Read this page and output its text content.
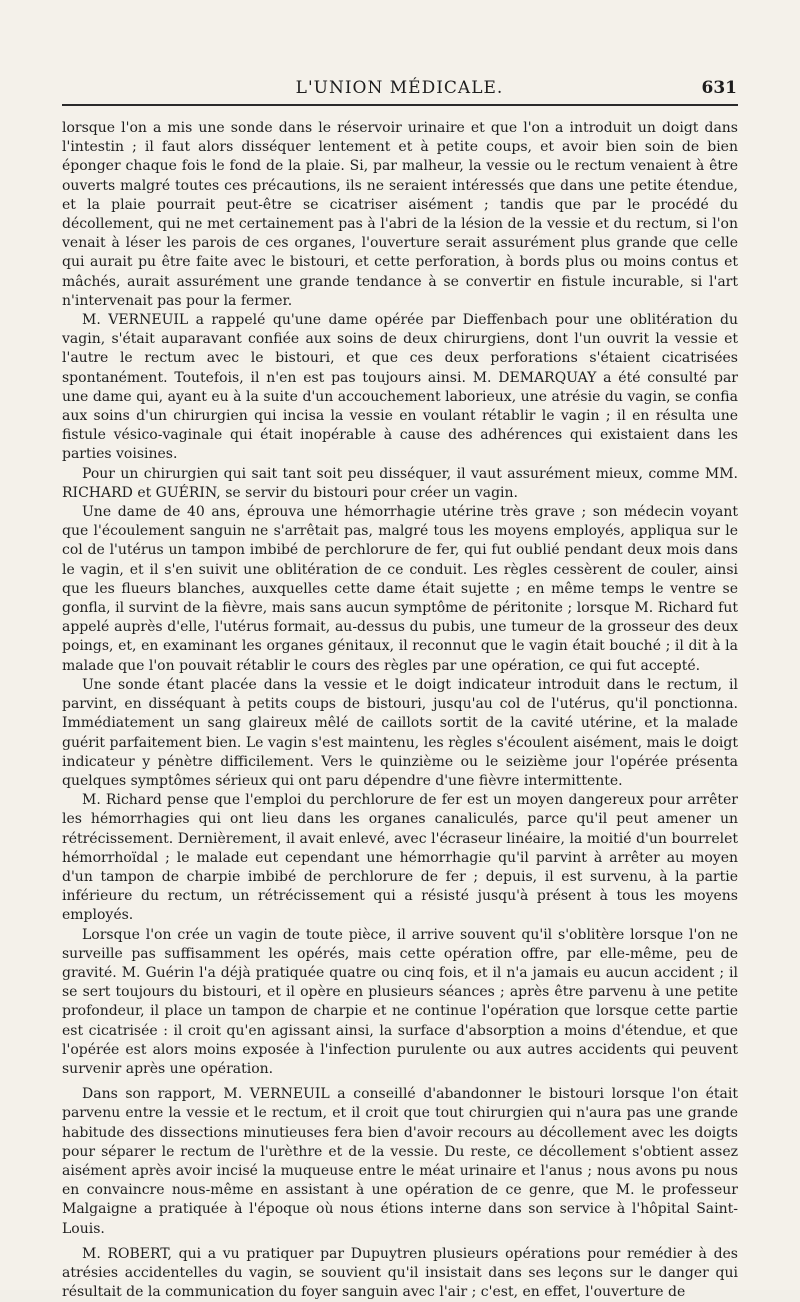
L'UNION MÉDICALE.	631

lorsque l'on a mis une sonde dans le réservoir urinaire et que l'on a introduit un doigt dans l'intestin ; il faut alors disséquer lentement et à petite coups, et avoir bien soin de bien éponger chaque fois le fond de la plaie. Si, par malheur, la vessie ou le rectum venaient à être ouverts malgré toutes ces précautions, ils ne seraient intéressés que dans une petite étendue, et la plaie pourrait peut-être se cicatriser aisément ; tandis que par le procédé du décollement, qui ne met certainement pas à l'abri de la lésion de la vessie et du rectum, si l'on venait à léser les parois de ces organes, l'ouverture serait assurément plus grande que celle qui aurait pu être faite avec le bistouri, et cette perforation, à bords plus ou moins contus et mâchés, aurait assurément une grande tendance à se convertir en fistule incurable, si l'art n'intervenait pas pour la fermer.

M. VERNEUIL a rappelé qu'une dame opérée par Dieffenbach pour une oblitération du vagin, s'était auparavant confiée aux soins de deux chirurgiens, dont l'un ouvrit la vessie et l'autre le rectum avec le bistouri, et que ces deux perforations s'étaient cicatrisées spontanément. Toutefois, il n'en est pas toujours ainsi. M. DEMARQUAY a été consulté par une dame qui, ayant eu à la suite d'un accouchement laborieux, une atrésie du vagin, se confia aux soins d'un chirurgien qui incisa la vessie en voulant rétablir le vagin ; il en résulta une fistule vésico-vaginale qui était inopérable à cause des adhérences qui existaient dans les parties voisines.

Pour un chirurgien qui sait tant soit peu disséquer, il vaut assurément mieux, comme MM. RICHARD et GUÉRIN, se servir du bistouri pour créer un vagin.

Une dame de 40 ans, éprouva une hémorrhagie utérine très grave ; son médecin voyant que l'écoulement sanguin ne s'arrêtait pas, malgré tous les moyens employés, appliqua sur le col de l'utérus un tampon imbibé de perchlorure de fer, qui fut oublié pendant deux mois dans le vagin, et il s'en suivit une oblitération de ce conduit. Les règles cessèrent de couler, ainsi que les flueurs blanches, auxquelles cette dame était sujette ; en même temps le ventre se gonfla, il survint de la fièvre, mais sans aucun symptôme de péritonite ; lorsque M. Richard fut appelé auprès d'elle, l'utérus formait, au-dessus du pubis, une tumeur de la grosseur des deux poings, et, en examinant les organes génitaux, il reconnut que le vagin était bouché ; il dit à la malade que l'on pouvait rétablir le cours des règles par une opération, ce qui fut accepté.

Une sonde étant placée dans la vessie et le doigt indicateur introduit dans le rectum, il parvint, en disséquant à petits coups de bistouri, jusqu'au col de l'utérus, qu'il ponctionna. Immédiatement un sang glaireux mêlé de caillots sortit de la cavité utérine, et la malade guérit parfaitement bien. Le vagin s'est maintenu, les règles s'écoulent aisément, mais le doigt indicateur y pénètre difficilement. Vers le quinzième ou le seizième jour l'opérée présenta quelques symptômes sérieux qui ont paru dépendre d'une fièvre intermittente.

M. Richard pense que l'emploi du perchlorure de fer est un moyen dangereux pour arrêter les hémorrhagies qui ont lieu dans les organes canaliculés, parce qu'il peut amener un rétrécissement. Dernièrement, il avait enlevé, avec l'écraseur linéaire, la moitié d'un bourrelet hémorrhoïdal ; le malade eut cependant une hémorrhagie qu'il parvint à arrêter au moyen d'un tampon de charpie imbibé de perchlorure de fer ; depuis, il est survenu, à la partie inférieure du rectum, un rétrécissement qui a résisté jusqu'à présent à tous les moyens employés.

Lorsque l'on crée un vagin de toute pièce, il arrive souvent qu'il s'oblitère lorsque l'on ne surveille pas suffisamment les opérés, mais cette opération offre, par elle-même, peu de gravité. M. Guérin l'a déjà pratiquée quatre ou cinq fois, et il n'a jamais eu aucun accident ; il se sert toujours du bistouri, et il opère en plusieurs séances ; après être parvenu à une petite profondeur, il place un tampon de charpie et ne continue l'opération que lorsque cette partie est cicatrisée : il croit qu'en agissant ainsi, la surface d'absorption a moins d'étendue, et que l'opérée est alors moins exposée à l'infection purulente ou aux autres accidents qui peuvent survenir après une opération.

Dans son rapport, M. VERNEUIL a conseillé d'abandonner le bistouri lorsque l'on était parvenu entre la vessie et le rectum, et il croit que tout chirurgien qui n'aura pas une grande habitude des dissections minutieuses fera bien d'avoir recours au décollement avec les doigts pour séparer le rectum de l'urèthre et de la vessie. Du reste, ce décollement s'obtient assez aisément après avoir incisé la muqueuse entre le méat urinaire et l'anus ; nous avons pu nous en convaincre nous-même en assistant à une opération de ce genre, que M. le professeur Malgaigne a pratiquée à l'époque où nous étions interne dans son service à l'hôpital Saint-Louis.

M. ROBERT, qui a vu pratiquer par Dupuytren plusieurs opérations pour remédier à des atrésies accidentelles du vagin, se souvient qu'il insistait dans ses leçons sur le danger qui résultait de la communication du foyer sanguin avec l'air ; c'est, en effet, l'ouverture de
